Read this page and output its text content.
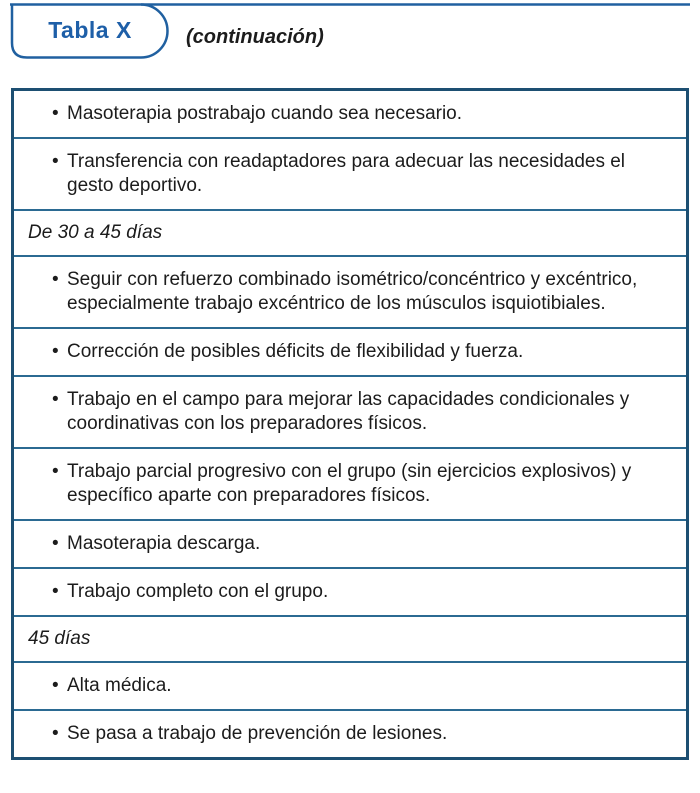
Tabla X	(continuación)
• Masoterapia postrabajo cuando sea necesario.
• Transferencia con readaptadores para adecuar las necesidades el gesto deportivo.
De 30 a 45 días
• Seguir con refuerzo combinado isométrico/concéntrico y excéntrico, especialmente trabajo excéntrico de los músculos isquiotibiales.
• Corrección de posibles déficits de flexibilidad y fuerza.
• Trabajo en el campo para mejorar las capacidades condicionales y coordinativas con los preparadores físicos.
• Trabajo parcial progresivo con el grupo (sin ejercicios explosivos) y específico aparte con preparadores físicos.
• Masoterapia descarga.
• Trabajo completo con el grupo.
45 días
• Alta médica.
• Se pasa a trabajo de prevención de lesiones.
